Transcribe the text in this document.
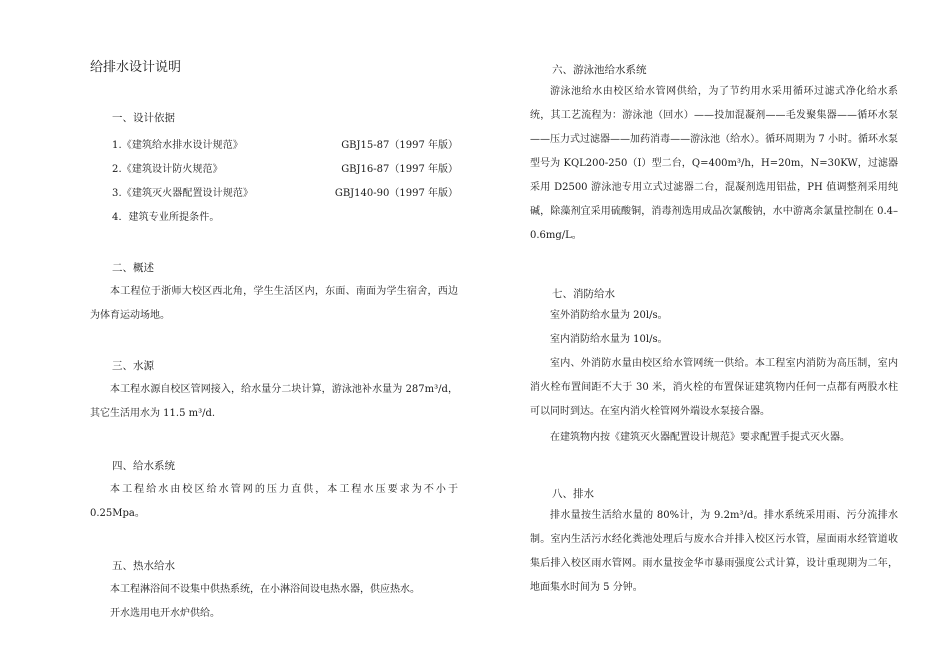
给排水设计说明
一、设计依据
1.《建筑给水排水设计规范》	GBJ15-87（1997 年版）
2.《建筑设计防火规范》	GBJ16-87（1997 年版）
3.《建筑灭火器配置设计规范》	GBJ140-90（1997 年版）
4．建筑专业所提条件。
二、概述
本工程位于浙师大校区西北角，学生生活区内，东面、南面为学生宿舍，西边为体育运动场地。
三、水源
本工程水源自校区管网接入，给水量分二块计算，游泳池补水量为 287m³/d，其它生活用水为 11.5 m³/d.
四、给水系统
本工程给水由校区给水管网的压力直供，本工程水压要求为不小于 0.25Mpa。
五、热水给水
本工程淋浴间不设集中供热系统，在小淋浴间设电热水器，供应热水。
开水选用电开水炉供给。
六、游泳池给水系统
游泳池给水由校区给水管网供给，为了节约用水采用循环过滤式净化给水系统，其工艺流程为：游泳池（回水）——投加混凝剂——毛发聚集器——循环水泵——压力式过滤器——加药消毒——游泳池（给水）。循环周期为 7 小时。循环水泵型号为 KQL200-250（I）型二台，Q=400m³/h，H=20m，N=30KW，过滤器采用 D2500 游泳池专用立式过滤器二台，混凝剂选用铝盐，PH 值调整剂采用纯碱，除藻剂宜采用硫酸铜，消毒剂选用成品次氯酸钠，水中游离余氯量控制在 0.4–0.6mg/L。
七、消防给水
室外消防给水量为 20l/s。
室内消防给水量为 10l/s。
室内、外消防水量由校区给水管网统一供给。本工程室内消防为高压制，室内消火栓布置间距不大于 30 米，消火栓的布置保证建筑物内任何一点都有两股水柱可以同时到达。在室内消火栓管网外端设水泵接合器。
在建筑物内按《建筑灭火器配置设计规范》要求配置手提式灭火器。
八、排水
排水量按生活给水量的 80%计，为 9.2m³/d。排水系统采用雨、污分流排水制。室内生活污水经化粪池处理后与废水合并排入校区污水管，屋面雨水经管道收集后排入校区雨水管网。雨水量按金华市暴雨强度公式计算，设计重现期为二年，地面集水时间为 5 分钟。
